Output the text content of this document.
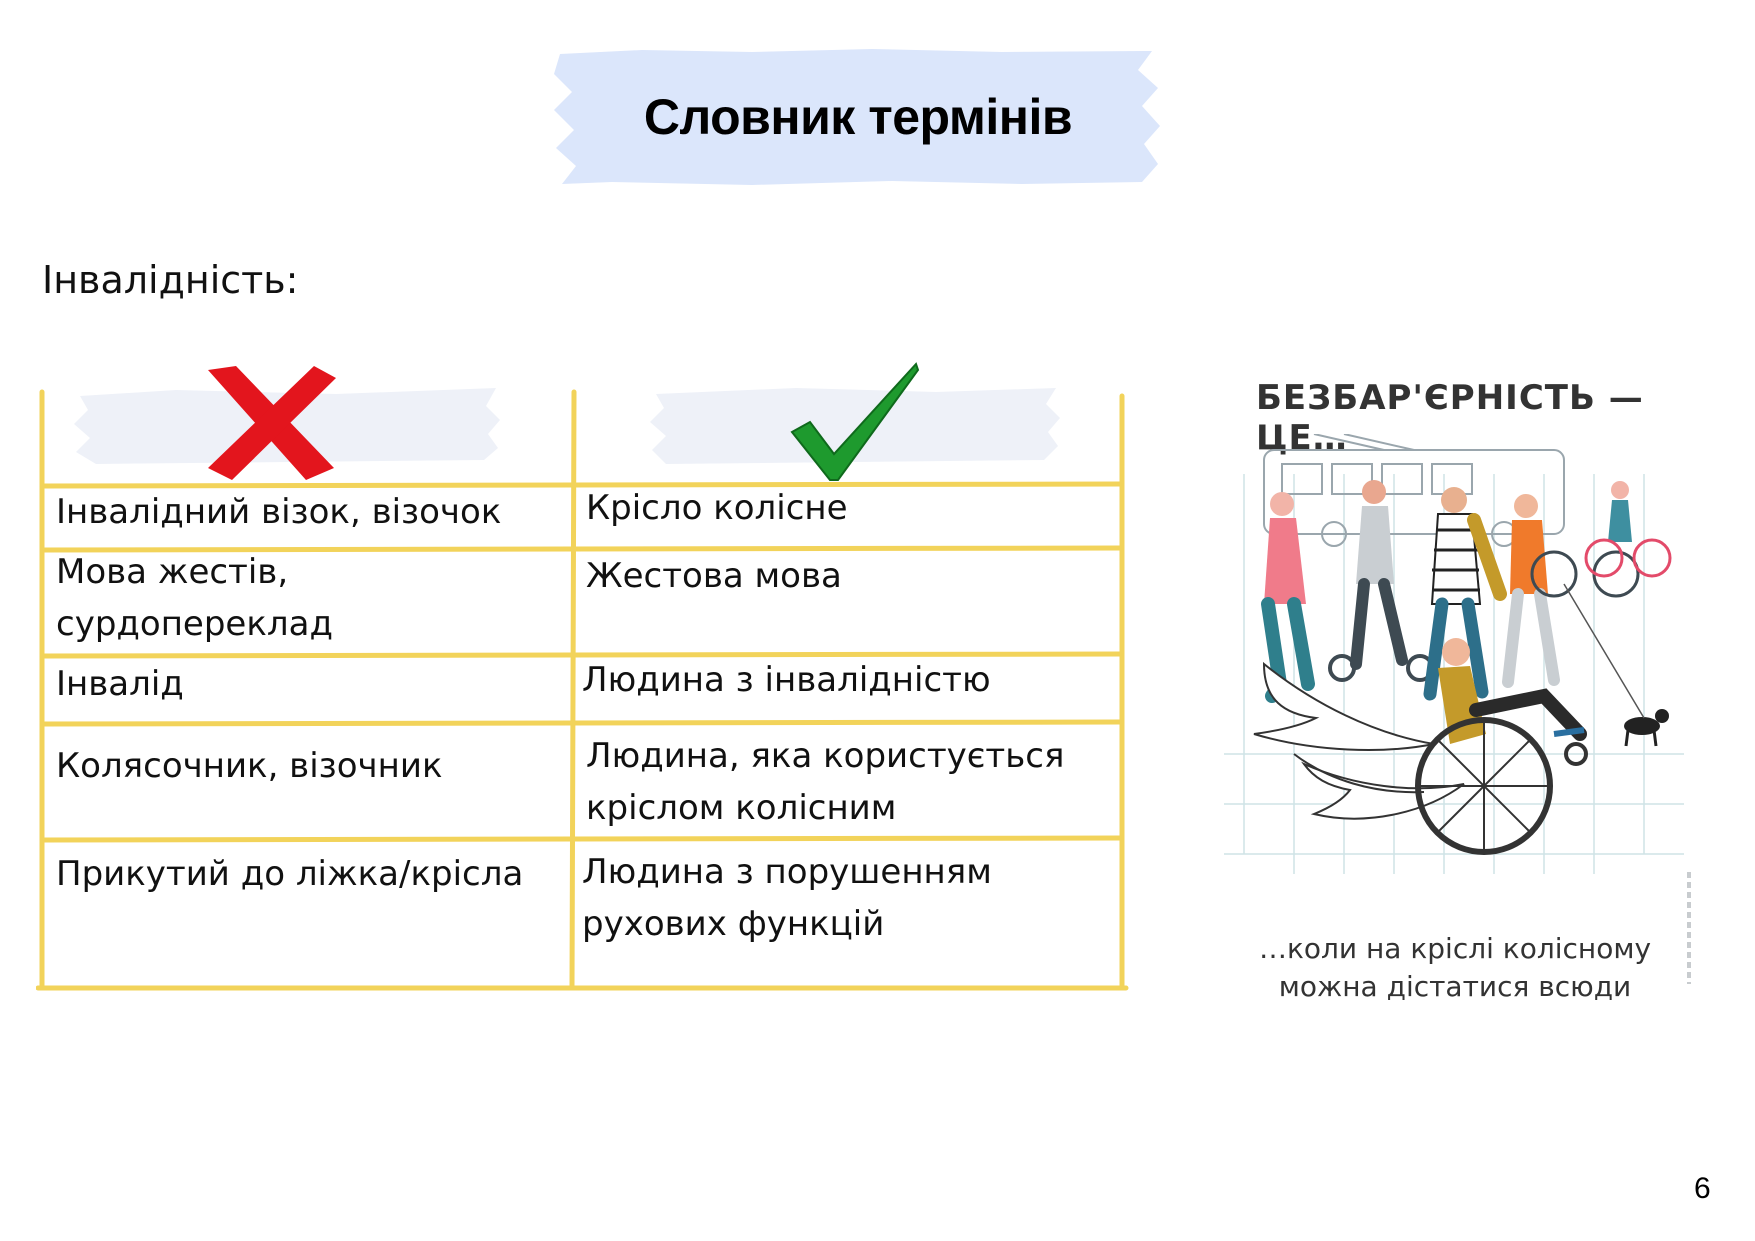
Словник термінів
Інвалідність:
Інвалідний візок, візочок Крісло колісне
Мова жестів,
сурдопереклад
Жестова мова
Інвалід	Людина з інвалідністю
Колясочник, візочник	Людина, яка користується
кріслом колісним
Прикутий до ліжка/крісла Людина з порушенням
рухових функцій
БЕЗБАР'ЄРНІСТЬ — ЦЕ…
…коли на кріслі колісному
можна дістатися всюди
6
